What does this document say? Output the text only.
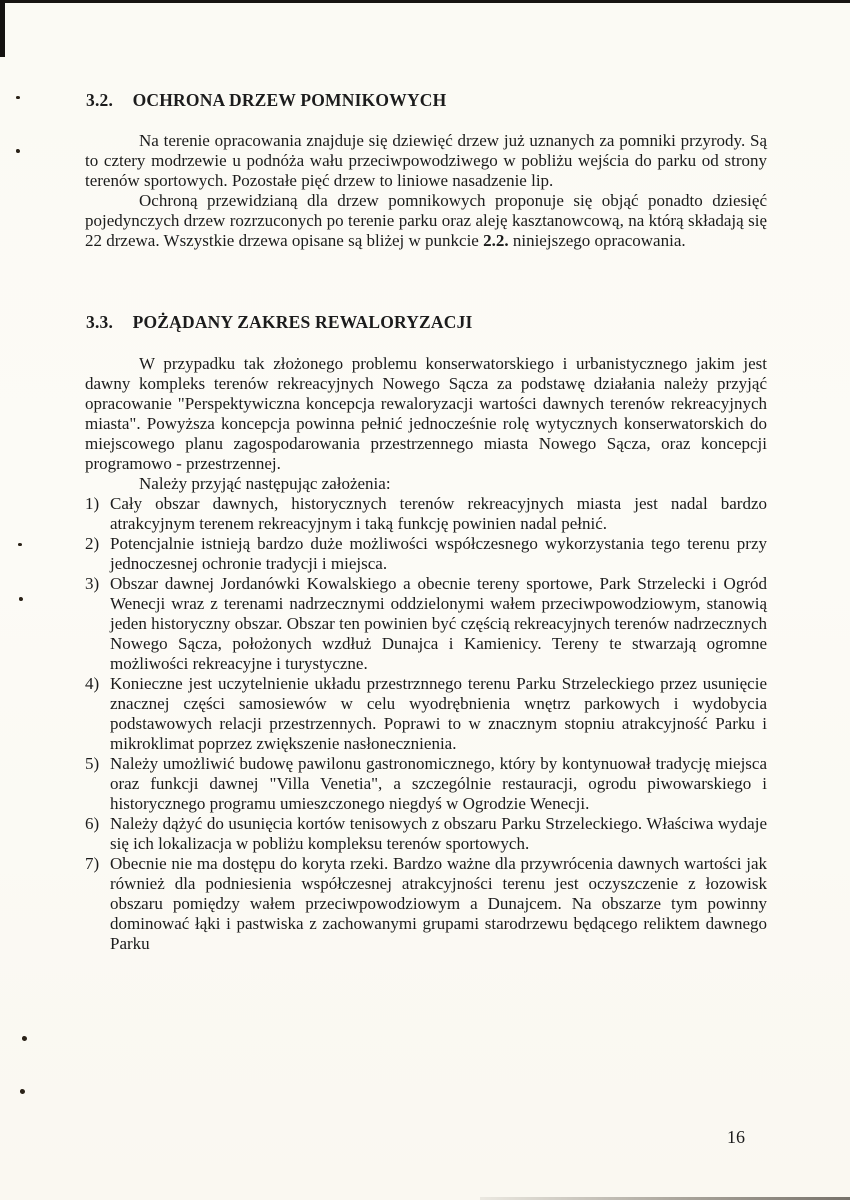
3.2. OCHRONA DRZEW POMNIKOWYCH

Na terenie opracowania znajduje się dziewięć drzew już uznanych za pomniki przyrody. Są to cztery modrzewie u podnóża wału przeciwpowodziwego w pobliżu wejścia do parku od strony terenów sportowych. Pozostałe pięć drzew to liniowe nasadzenie lip.

Ochroną przewidzianą dla drzew pomnikowych proponuje się objąć ponadto dziesięć pojedynczych drzew rozrzuconych po terenie parku oraz aleję kasztanowcową, na którą składają się 22 drzewa. Wszystkie drzewa opisane są bliżej w punkcie 2.2. niniejszego opracowania.

3.3. POŻĄDANY ZAKRES REWALORYZACJI

W przypadku tak złożonego problemu konserwatorskiego i urbanistycznego jakim jest dawny kompleks terenów rekreacyjnych Nowego Sącza za podstawę działania należy przyjąć opracowanie "Perspektywiczna koncepcja rewaloryzacji wartości dawnych terenów rekreacyjnych miasta". Powyższa koncepcja powinna pełnić jednocześnie rolę wytycznych konserwatorskich do miejscowego planu zagospodarowania przestrzennego miasta Nowego Sącza, oraz koncepcji programowo - przestrzennej.

Należy przyjąć następując założenia:

1) Cały obszar dawnych, historycznych terenów rekreacyjnych miasta jest nadal bardzo atrakcyjnym terenem rekreacyjnym i taką funkcję powinien nadal pełnić.
2) Potencjalnie istnieją bardzo duże możliwości współczesnego wykorzystania tego terenu przy jednoczesnej ochronie tradycji i miejsca.
3) Obszar dawnej Jordanówki Kowalskiego a obecnie tereny sportowe, Park Strzelecki i Ogród Wenecji wraz z terenami nadrzecznymi oddzielonymi wałem przeciwpowodziowym, stanowią jeden historyczny obszar. Obszar ten powinien być częścią rekreacyjnych terenów nadrzecznych Nowego Sącza, położonych wzdłuż Dunajca i Kamienicy. Tereny te stwarzają ogromne możliwości rekreacyjne i turystyczne.
4) Konieczne jest uczytelnienie układu przestrznnego terenu Parku Strzeleckiego przez usunięcie znacznej części samosiewów w celu wyodrębnienia wnętrz parkowych i wydobycia podstawowych relacji przestrzennych. Poprawi to w znacznym stopniu atrakcyjność Parku i mikroklimat poprzez zwiększenie nasłonecznienia.
5) Należy umożliwić budowę pawilonu gastronomicznego, który by kontynuował tradycję miejsca oraz funkcji dawnej "Villa Venetia", a szczególnie restauracji, ogrodu piwowarskiego i historycznego programu umieszczonego niegdyś w Ogrodzie Wenecji.
6) Należy dążyć do usunięcia kortów tenisowych z obszaru Parku Strzeleckiego. Właściwa wydaje się ich lokalizacja w pobliżu kompleksu terenów sportowych.
7) Obecnie nie ma dostępu do koryta rzeki. Bardzo ważne dla przywrócenia dawnych wartości jak również dla podniesienia współczesnej atrakcyjności terenu jest oczyszczenie z łozowisk obszaru pomiędzy wałem przeciwpowodziowym a Dunajcem. Na obszarze tym powinny dominować łąki i pastwiska z zachowanymi grupami starodrzewu będącego reliktem dawnego Parku
16
